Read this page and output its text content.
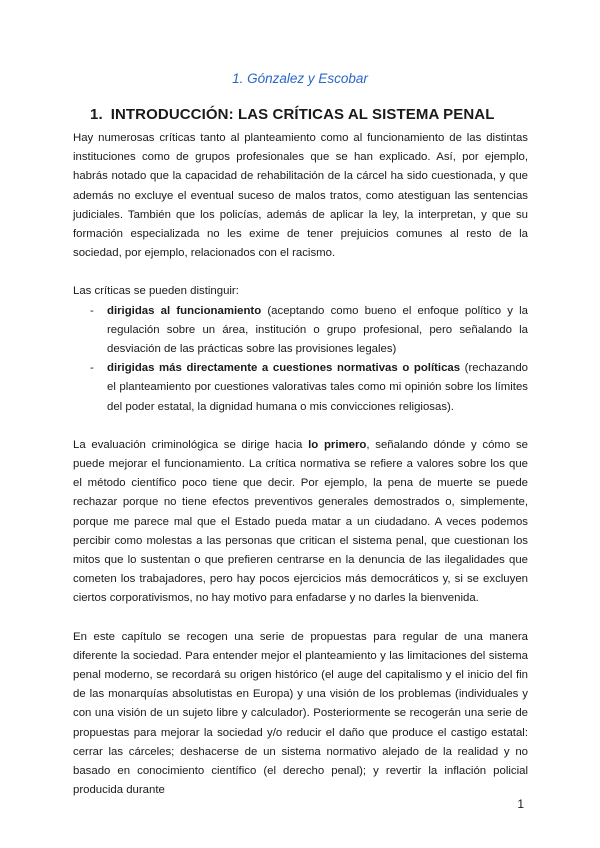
1. Gónzalez y Escobar
1. INTRODUCCIÓN: LAS CRÍTICAS AL SISTEMA PENAL

Hay numerosas críticas tanto al planteamiento como al funcionamiento de las distintas instituciones como de grupos profesionales que se han explicado. Así, por ejemplo, habrás notado que la capacidad de rehabilitación de la cárcel ha sido cuestionada, y que además no excluye el eventual suceso de malos tratos, como atestiguan las sentencias judiciales. También que los policías, además de aplicar la ley, la interpretan, y que su formación especializada no les exime de tener prejuicios comunes al resto de la sociedad, por ejemplo, relacionados con el racismo.

Las críticas se pueden distinguir:

- dirigidas al funcionamiento (aceptando como bueno el enfoque político y la regulación sobre un área, institución o grupo profesional, pero señalando la desviación de las prácticas sobre las provisiones legales)
- dirigidas más directamente a cuestiones normativas o políticas (rechazando el planteamiento por cuestiones valorativas tales como mi opinión sobre los límites del poder estatal, la dignidad humana o mis convicciones religiosas).

La evaluación criminológica se dirige hacia lo primero, señalando dónde y cómo se puede mejorar el funcionamiento. La crítica normativa se refiere a valores sobre los que el método científico poco tiene que decir. Por ejemplo, la pena de muerte se puede rechazar porque no tiene efectos preventivos generales demostrados o, simplemente, porque me parece mal que el Estado pueda matar a un ciudadano. A veces podemos percibir como molestas a las personas que critican el sistema penal, que cuestionan los mitos que lo sustentan o que prefieren centrarse en la denuncia de las ilegalidades que cometen los trabajadores, pero hay pocos ejercicios más democráticos y, si se excluyen ciertos corporativismos, no hay motivo para enfadarse y no darles la bienvenida.

En este capítulo se recogen una serie de propuestas para regular de una manera diferente la sociedad. Para entender mejor el planteamiento y las limitaciones del sistema penal moderno, se recordará su origen histórico (el auge del capitalismo y el inicio del fin de las monarquías absolutistas en Europa) y una visión de los problemas (individuales y con una visión de un sujeto libre y calculador). Posteriormente se recogerán una serie de propuestas para mejorar la sociedad y/o reducir el daño que produce el castigo estatal: cerrar las cárceles; deshacerse de un sistema normativo alejado de la realidad y no basado en conocimiento científico (el derecho penal); y revertir la inflación policial producida durante

1
